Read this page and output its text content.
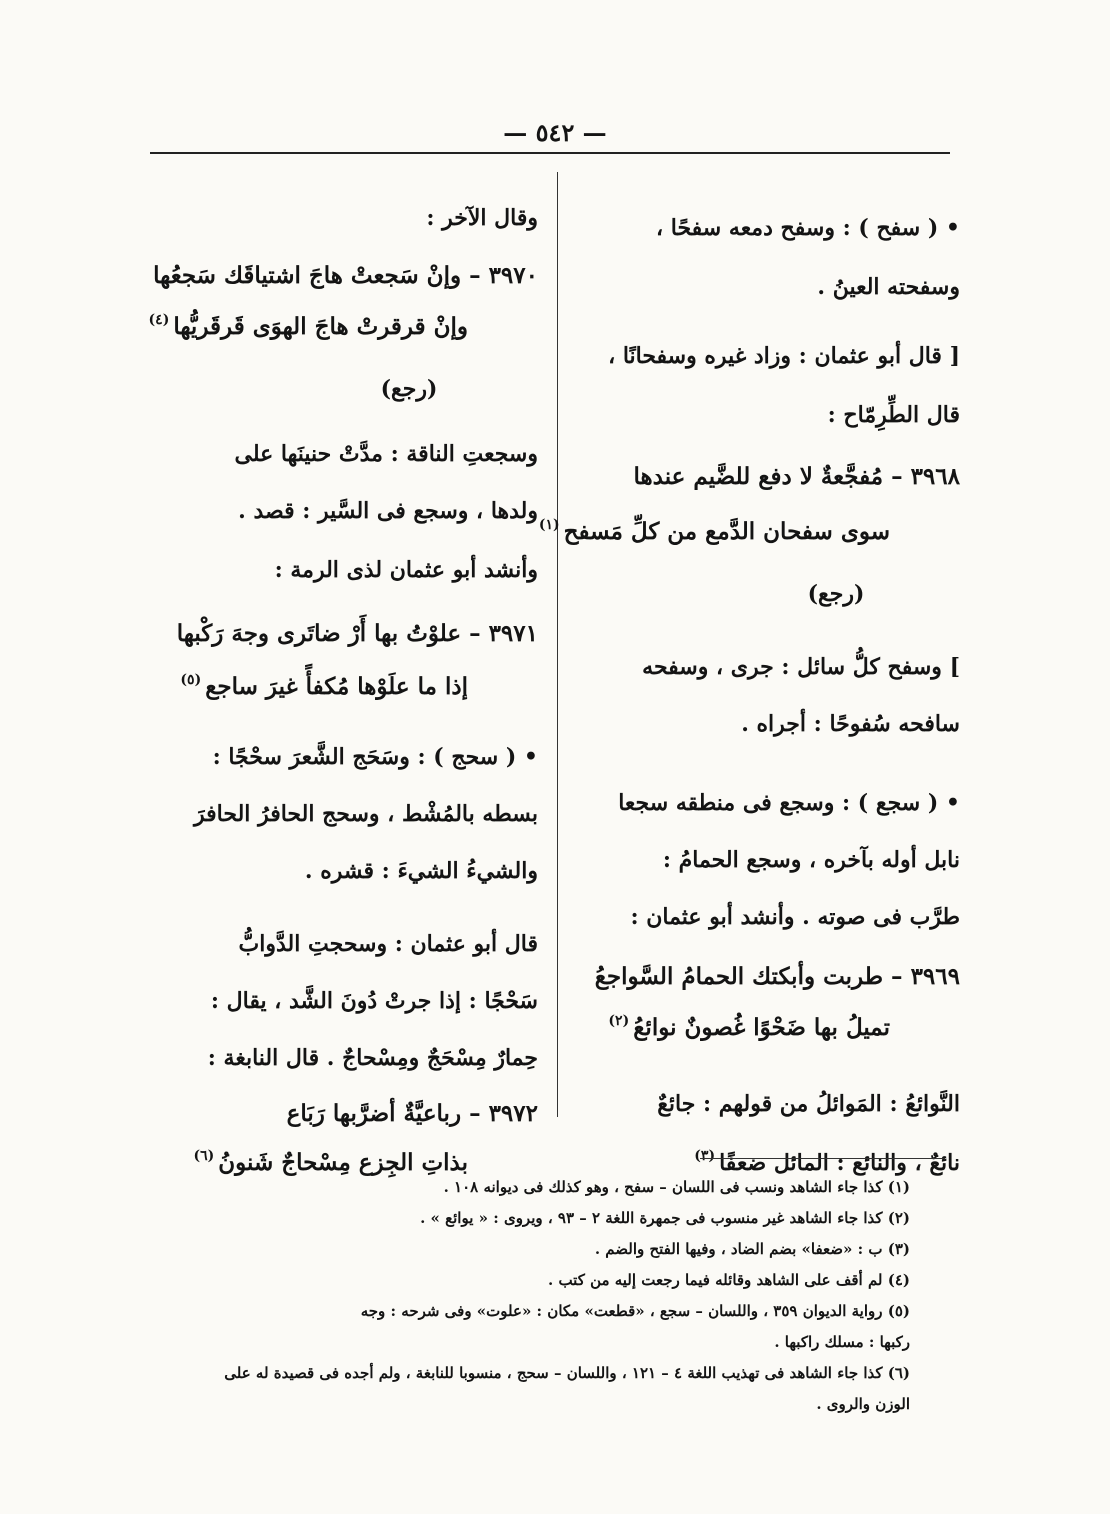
— ٥٤٢ —

• ( سفح ) : وسفح دمعه سفحًا ،

وسفحته العينُ .

[ قال أبو عثمان : وزاد غيره وسفحانًا ،

قال الطِّرِمّاح :

٣٩٦٨ – مُفجَّعةٌ لا دفع للضَّيم عندها

سوى سفحان الدَّمع من كلِّ مَسفح$^{(١)}$

(رجع)

] وسفح كلُّ سائل : جرى ، وسفحه

سافحه سُفوحًا : أجراه .

• ( سجع ) : وسجع فى منطقه سجعا

نابل أوله بآخره ، وسجع الحمامُ :

طرَّب فى صوته . وأنشد أبو عثمان :

٣٩٦٩ – طربت وأبكتك الحمامُ السَّواجعُ

تميلُ بها ضَحْوًا غُصونٌ نوائعُ$^{(٢)}$

النَّوائعُ : المَوائلُ من قولهم : جائعٌ

نائعٌ ، والنائع : المائل ضعفًا$^{(٣)}$

وقال الآخر :

٣٩٧٠ – وإنْ سَجعتْ هاجَ اشتياقَك سَجعُها

وإنْ قرقرتْ هاجَ الهوَى قَرقَريُّها$^{(٤)}$

(رجع)

وسجعتِ الناقة : مدَّتْ حنينَها على

ولدها ، وسجع فى السَّير : قصد .

وأنشد أبو عثمان لذى الرمة :

٣٩٧١ – علوْتُ بها أَرْ ضاتَرى وجهَ رَكْبها

إذا ما علَوْها مُكفأً غيرَ ساجع$^{(٥)}$

• ( سحج ) : وسَحَج الشَّعرَ سحْجًا :

بسطه بالمُشْط ، وسحج الحافرُ الحافرَ

والشيءُ الشيءَ : قشره .

قال أبو عثمان : وسحجتِ الدَّوابُّ

سَحْجًا : إذا جرتْ دُونَ الشَّد ، يقال :

حِمارٌ مِسْحَجٌ ومِسْحاجٌ . قال النابغة :

٣٩٧٢ – رباعيَّةٌ أضرَّبها رَبَاع

بذاتِ الجِزع مِسْحاجٌ شَنونُ$^{(٦)}$

(١) كذا جاء الشاهد ونسب فى اللسان – سفح ، وهو كذلك فى ديوانه ١٠٨ .

(٢) كذا جاء الشاهد غير منسوب فى جمهرة اللغة ٢ – ٩٣ ، ويروى : « يوائع » .

(٣) ب : «ضعفا» بضم الضاد ، وفيها الفتح والضم .

(٤) لم أقف على الشاهد وقائله فيما رجعت إليه من كتب .

(٥) رواية الديوان ٣٥٩ ، واللسان – سجع ، «قطعت» مكان : «علوت» وفى شرحه : وجه

ركبها : مسلك راكبها .

(٦) كذا جاء الشاهد فى تهذيب اللغة ٤ – ١٢١ ، واللسان – سحج ، منسوبا للنابغة ، ولم أجده فى قصيدة له على

الوزن والروى .
